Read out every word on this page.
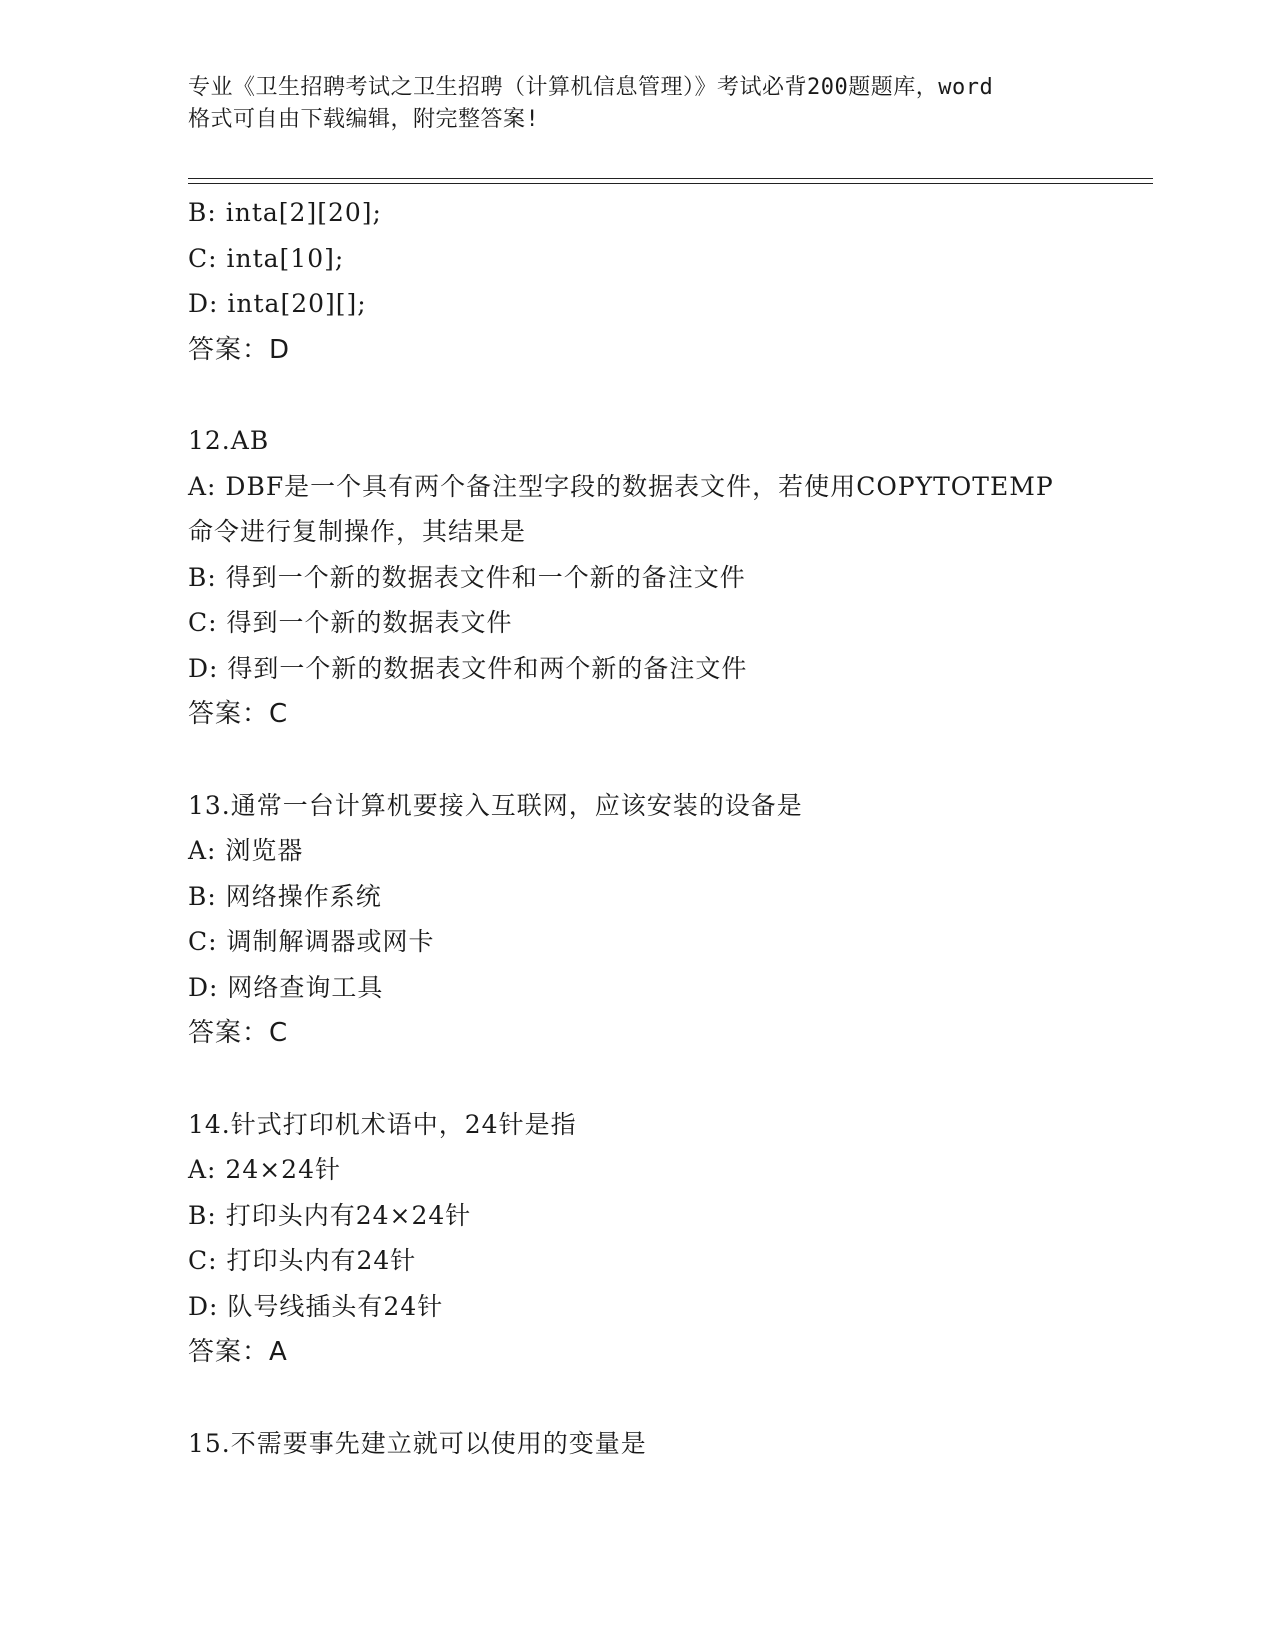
专业《卫生招聘考试之卫生招聘（计算机信息管理）》考试必背200题题库，word
格式可自由下载编辑，附完整答案!
B: inta[2][20];
C: inta[10];
D: inta[20][];
答案：D
12.AB
A: DBF是一个具有两个备注型字段的数据表文件，若使用COPYTOTEMP
命令进行复制操作，其结果是
B: 得到一个新的数据表文件和一个新的备注文件
C: 得到一个新的数据表文件
D: 得到一个新的数据表文件和两个新的备注文件
答案：C
13.通常一台计算机要接入互联网，应该安装的设备是
A: 浏览器
B: 网络操作系统
C: 调制解调器或网卡
D: 网络查询工具
答案：C
14.针式打印机术语中，24针是指
A: 24×24针
B: 打印头内有24×24针
C: 打印头内有24针
D: 队号线插头有24针
答案：A
15.不需要事先建立就可以使用的变量是
